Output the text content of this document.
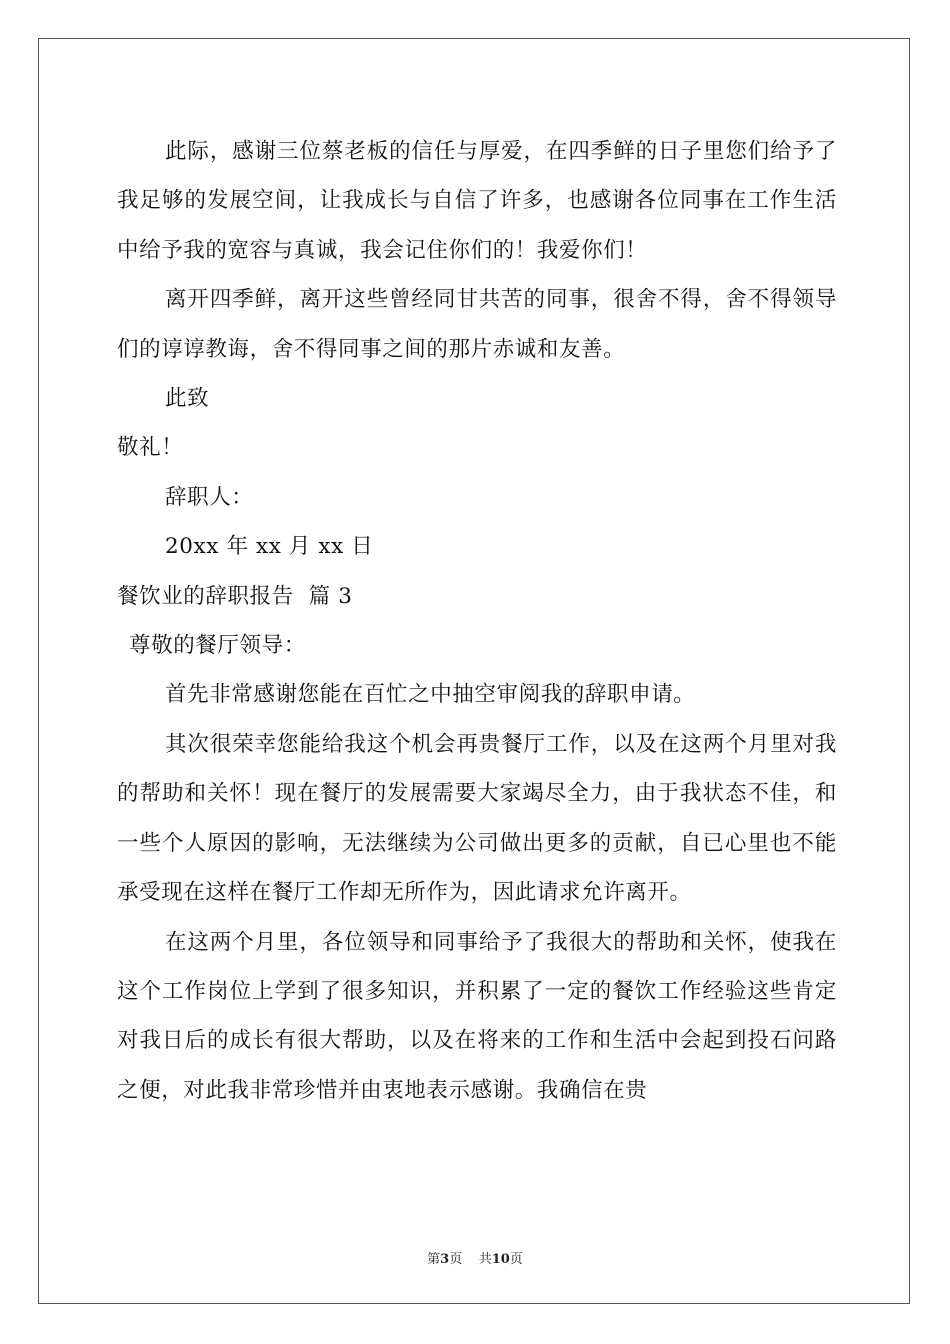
此际，感谢三位蔡老板的信任与厚爱，在四季鲜的日子里您们给予了我足够的发展空间，让我成长与自信了许多，也感谢各位同事在工作生活中给予我的宽容与真诚，我会记住你们的！我爱你们！

离开四季鲜，离开这些曾经同甘共苦的同事，很舍不得，舍不得领导们的谆谆教诲，舍不得同事之间的那片赤诚和友善。

此致

敬礼！

辞职人：

20xx 年 xx 月 xx 日

餐饮业的辞职报告  篇 3

尊敬的餐厅领导：

首先非常感谢您能在百忙之中抽空审阅我的辞职申请。

其次很荣幸您能给我这个机会再贵餐厅工作，以及在这两个月里对我的帮助和关怀！现在餐厅的发展需要大家竭尽全力，由于我状态不佳，和一些个人原因的影响，无法继续为公司做出更多的贡献，自已心里也不能承受现在这样在餐厅工作却无所作为，因此请求允许离开。

在这两个月里，各位领导和同事给予了我很大的帮助和关怀，使我在这个工作岗位上学到了很多知识，并积累了一定的餐饮工作经验这些肯定对我日后的成长有很大帮助，以及在将来的工作和生活中会起到投石问路之便，对此我非常珍惜并由衷地表示感谢。我确信在贵

第3页    共10页
